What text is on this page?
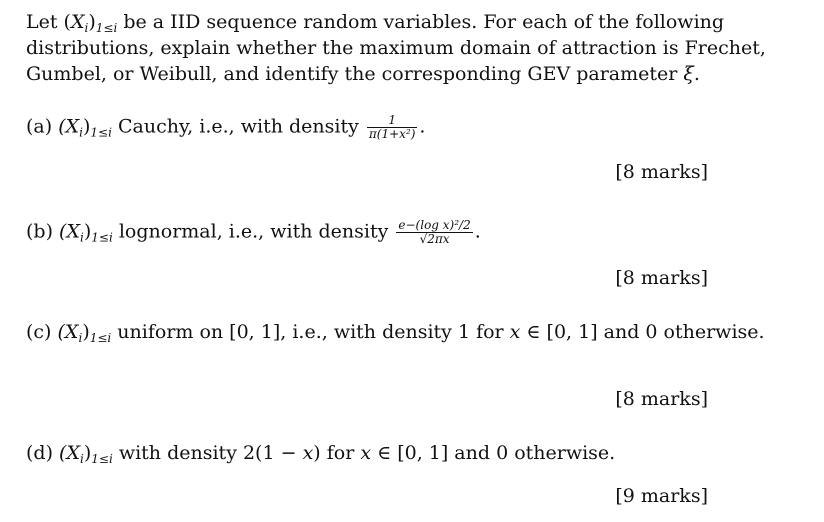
Let $(X_i)_{1\le i}$ be a IID sequence random variables. For each of the following
distributions, explain whether the maximum domain of attraction is Frechet,
Gumbel, or Weibull, and identify the corresponding GEV parameter ξ.
(a) $(X_i)_{1\le i}$ Cauchy, i.e., with density $\frac{1}{\text{π(1+x²)}}$ .
[8 marks]
(b) $(X_i)_{1\le i}$ lognormal, i.e., with density $\frac{\text{e−(log x)²/2}}{√2\pi x}$ .
[8 marks]
(c) $(X_i)_{1\le i}$ uniform on [0, 1], i.e., with density 1 for x ∈ [0, 1] and 0 otherwise.
[8 marks]
(d) $(X_i)_{1\le i}$ with density 2(1 − x) for x ∈ [0, 1] and 0 otherwise.
[9 marks]
